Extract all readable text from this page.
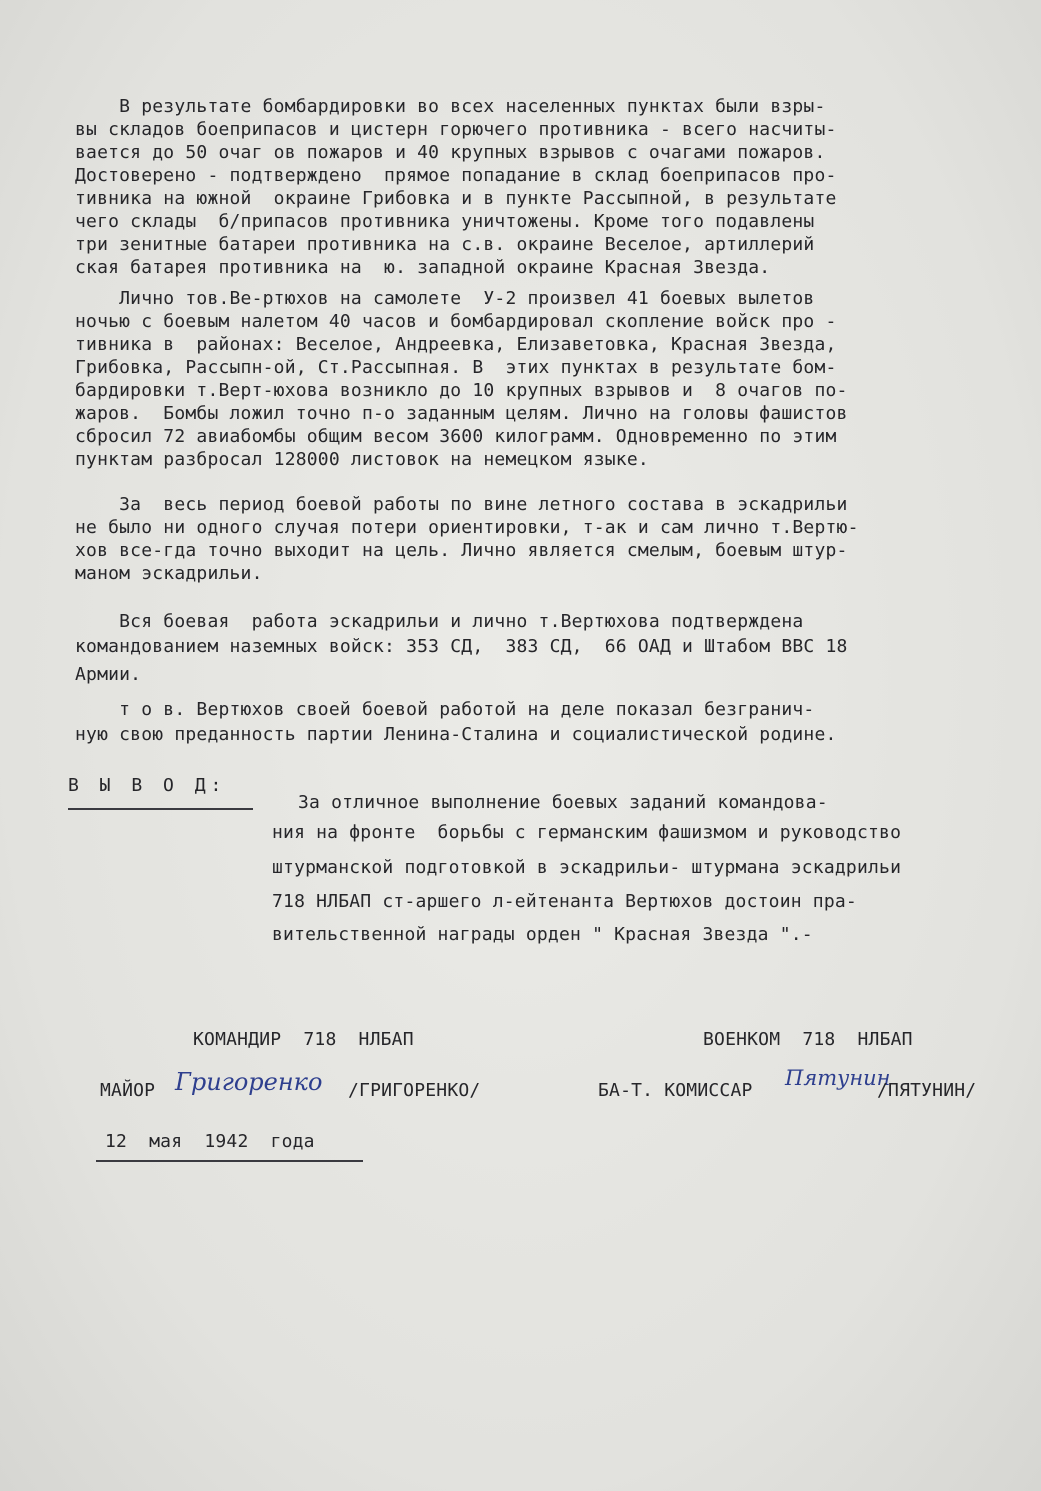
В результате бомбардировки во всех населенных пунктах были взры-
вы складов боеприпасов и цистерн горючего противника - всего насчиты-
вается до 50 очаг ов пожаров и 40 крупных взрывов с очагами пожаров.
Достоверено - подтверждено  прямое попадание в склад боеприпасов про-
тивника на южной  окраине Грибовка и в пункте Рассыпной, в результате
чего склады  б/припасов противника уничтожены. Кроме того подавлены
три зенитные батареи противника на с.в. окраине Веселое, артиллерий
ская батарея противника на  ю. западной окраине Красная Звезда.
Лично тов.Ве-ртюхов на самолете  У-2 произвел 41 боевых вылетов
ночью с боевым налетом 40 часов и бомбардировал скопление войск про -
тивника в  районах: Веселое, Андреевка, Елизаветовка, Красная Звезда,
Грибовка, Рассыпн-ой, Ст.Рассыпная. В  этих пунктах в результате бом-
бардировки т.Верт-юхова возникло до 10 крупных взрывов и  8 очагов по-
жаров.  Бомбы ложил точно п-о заданным целям. Лично на головы фашистов
сбросил 72 авиабомбы общим весом 3600 килограмм. Одновременно по этим
пунктам разбросал 128000 листовок на немецком языке.
За  весь период боевой работы по вине летного состава в эскадрильи
не было ни одного случая потери ориентировки, т-ак и сам лично т.Вертю-
хов все-гда точно выходит на цель. Лично является смелым, боевым штур-
маном эскадрильи.
Вся боевая  работа эскадрильи и лично т.Вертюхова подтверждена
командованием наземных войск: 353 СД,  383 СД,  66 ОАД и Штабом ВВС 18
Армии.
т о в. Вертюхов своей боевой работой на деле показал безгранич-
ную свою преданность партии Ленина-Сталина и социалистической родине.
В Ы В О Д:
За отличное выполнение боевых заданий командова-
ния на фронте  борьбы с германским фашизмом и руководство
штурманской подготовкой в эскадрильи- штурмана эскадрильи
718 НЛБАП ст-аршего л-ейтенанта Вертюхов достоин пра-
вительственной награды орден " Красная Звезда ".-
КОМАНДИР  718  НЛБАП
МАЙОР Григоренко /ГРИГОРЕНКО/
ВОЕНКОМ  718  НЛБАП
БА-Т. КОМИССАР
Пятунин
/ПЯТУНИН/
12  мая  1942  года
